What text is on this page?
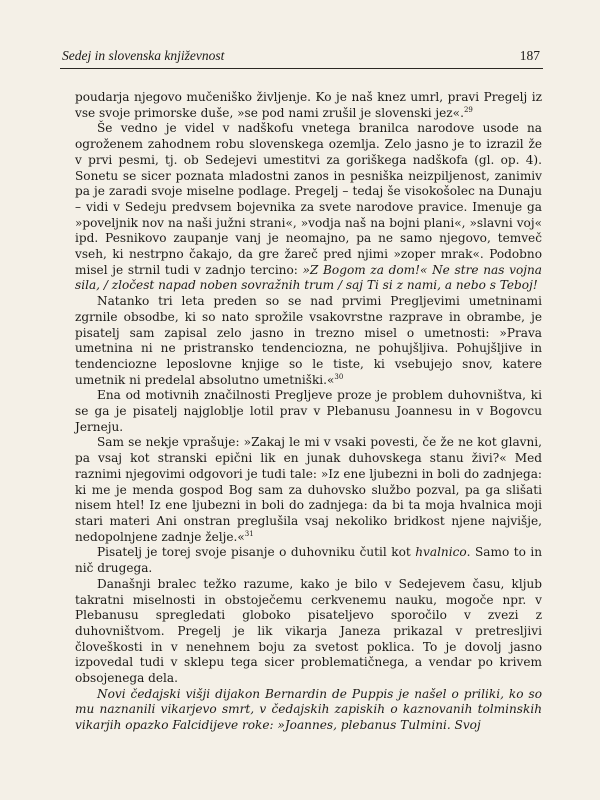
Sedej in slovenska književnost	187

poudarja njegovo mučeniško življenje. Ko je naš knez umrl, pravi Pregelj iz vse svoje primorske duše, »se pod nami zrušil je slovenski jez«.$^{29}$

Še vedno je videl v nadškofu vnetega branilca narodove usode na ogroženem zahodnem robu slovenskega ozemlja. Zelo jasno je to izrazil že v prvi pesmi, tj. ob Sedejevi umestitvi za goriškega nadškofa (gl. op. 4). Sonetu se sicer poznata mladostni zanos in pesniška neizpiljenost, zanimiv pa je zaradi svoje miselne podlage. Pregelj – tedaj še visokošolec na Dunaju – vidi v Sedeju predvsem bojevnika za svete narodove pravice. Imenuje ga »poveljnik nov na naši južni strani«, »vodja naš na bojni plani«, »slavni voj« ipd. Pesnikovo zaupanje vanj je neomajno, pa ne samo njegovo, temveč vseh, ki nestrpno čakajo, da gre žareč pred njimi »zoper mrak«. Podobno misel je strnil tudi v zadnjo tercino: »Z Bogom za dom!« Ne stre nas vojna sila, / zločest napad noben sovražnih trum / saj Ti si z nami, a nebo s Teboj!

Natanko tri leta preden so se nad prvimi Pregljevimi umetninami zgrnile obsodbe, ki so nato sprožile vsakovrstne razprave in obrambe, je pisatelj sam zapisal zelo jasno in trezno misel o umetnosti: »Prava umetnina ni ne pristransko tendenciozna, ne pohujšljiva. Pohujšljive in tendenciozne leposlovne knjige so le tiste, ki vsebujejo snov, katere umetnik ni predelal absolutno umetniški.«$^{30}$

Ena od motivnih značilnosti Pregljeve proze je problem duhovništva, ki se ga je pisatelj najgloblje lotil prav v Plebanusu Joannesu in v Bogovcu Jerneju.

Sam se nekje vprašuje: »Zakaj le mi v vsaki povesti, če že ne kot glavni, pa vsaj kot stranski epični lik en junak duhovskega stanu živi?« Med raznimi njegovimi odgovori je tudi tale: »Iz ene ljubezni in boli do zadnjega: ki me je menda gospod Bog sam za duhovsko službo pozval, pa ga slišati nisem htel! Iz ene ljubezni in boli do zadnjega: da bi ta moja hvalnica moji stari materi Ani onstran preglušila vsaj nekoliko bridkost njene najvišje, nedopolnjene zadnje želje.«$^{31}$

Pisatelj je torej svoje pisanje o duhovniku čutil kot hvalnico. Samo to in nič drugega.

Današnji bralec težko razume, kako je bilo v Sedejevem času, kljub takratni miselnosti in obstoječemu cerkvenemu nauku, mogoče npr. v Plebanusu spregledati globoko pisateljevo sporočilo v zvezi z duhovništvom. Pregelj je lik vikarja Janeza prikazal v pretresljivi človeškosti in v nenehnem boju za svetost poklica. To je dovolj jasno izpovedal tudi v sklepu tega sicer problematičnega, a vendar po krivem obsojenega dela.

Novi čedajski višji dijakon Bernardin de Puppis je našel o priliki, ko so mu naznanili vikarjevo smrt, v čedajskih zapiskih o kaznovanih tolminskih vikarjih opazko Falcidijeve roke: »Joannes, plebanus Tulmini. Svoj
